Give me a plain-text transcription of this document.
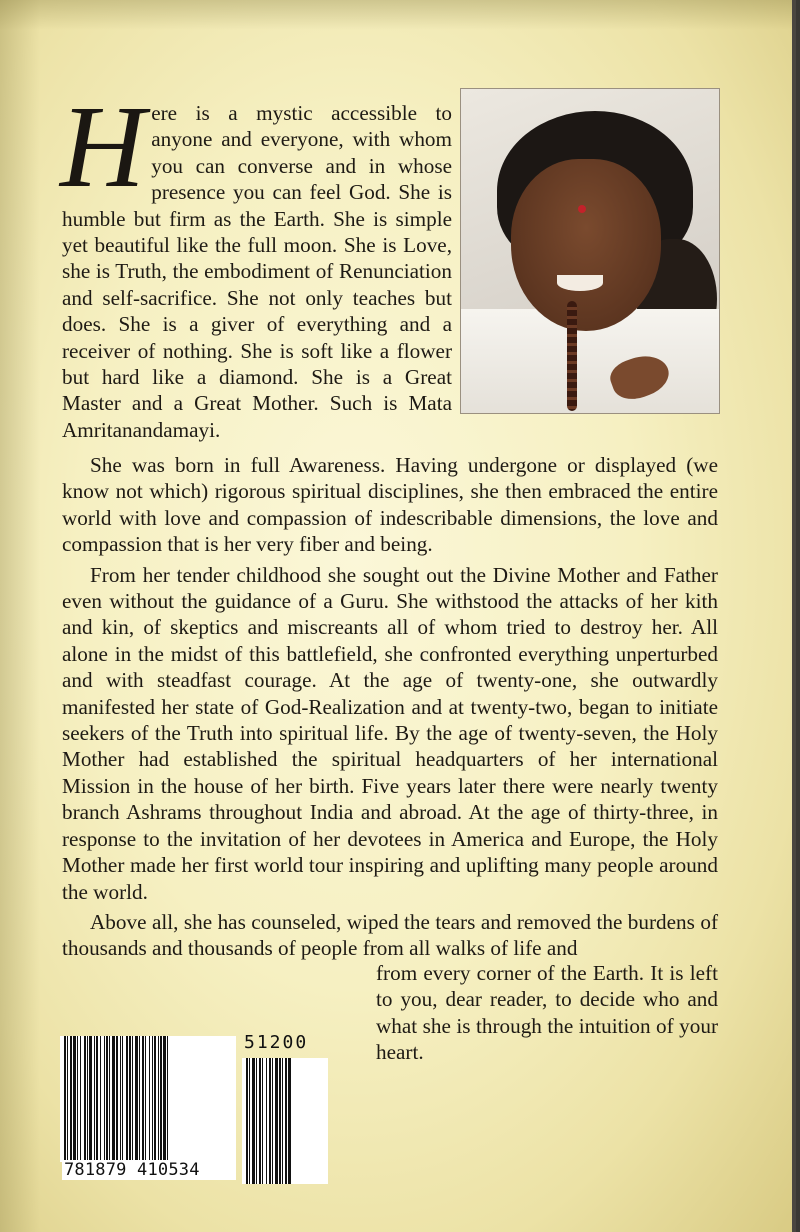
H ere is a mystic accessible to anyone and everyone, with whom you can converse and in whose presence you can feel God. She is humble but firm as the Earth. She is simple yet beautiful like the full moon. She is Love, she is Truth, the embodiment of Renunciation and self-sacrifice. She not only teaches but does. She is a giver of everything and a receiver of nothing. She is soft like a flower but hard like a diamond. She is a Great Master and a Great Mother. Such is Mata Amritanandamayi.

She was born in full Awareness. Having undergone or displayed (we know not which) rigorous spiritual disciplines, she then embraced the entire world with love and compassion of indescribable dimensions, the love and compassion that is her very fiber and being.

From her tender childhood she sought out the Divine Mother and Father even without the guidance of a Guru. She withstood the attacks of her kith and kin, of skeptics and miscreants all of whom tried to destroy her. All alone in the midst of this battlefield, she confronted everything unperturbed and with steadfast courage. At the age of twenty-one, she outwardly manifested her state of God-Realization and at twenty-two, began to initiate seekers of the Truth into spiritual life. By the age of twenty-seven, the Holy Mother had established the spiritual headquarters of her international Mission in the house of her birth. Five years later there were nearly twenty branch Ashrams throughout India and abroad. At the age of thirty-three, in response to the invitation of her devotees in America and Europe, the Holy Mother made her first world tour inspiring and uplifting many people around the world.

Above all, she has counseled, wiped the tears and removed the burdens of thousands and thousands of people from all walks of life and

from every corner of the Earth. It is left to you, dear reader, to decide who and what she is through the intuition of your heart.
781879 410534
51200
